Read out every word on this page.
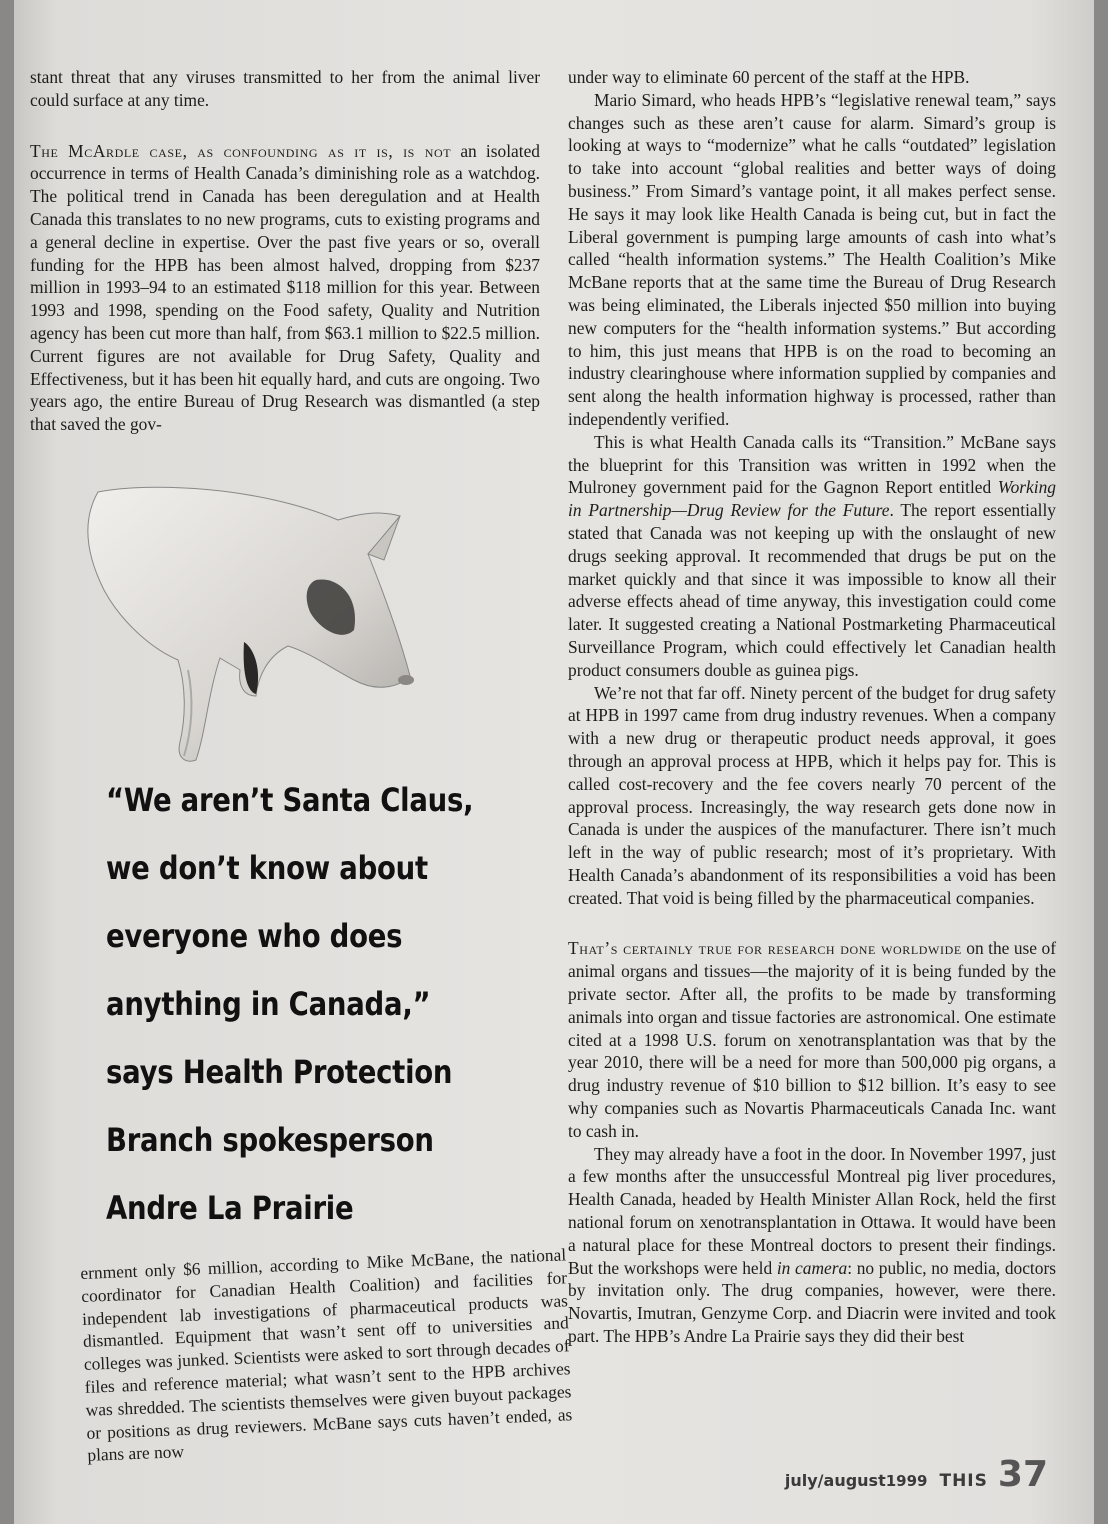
stant threat that any viruses transmitted to her from the animal liver could surface at any time.

The McArdle case, as confounding as it is, is not an isolated occurrence in terms of Health Canada’s diminishing role as a watchdog. The political trend in Canada has been deregulation and at Health Canada this translates to no new programs, cuts to existing programs and a general decline in expertise. Over the past five years or so, overall funding for the HPB has been almost halved, dropping from $237 million in 1993–94 to an estimated $118 million for this year. Between 1993 and 1998, spending on the Food safety, Quality and Nutrition agency has been cut more than half, from $63.1 million to $22.5 million. Current figures are not available for Drug Safety, Quality and Effectiveness, but it has been hit equally hard, and cuts are ongoing. Two years ago, the entire Bureau of Drug Research was dismantled (a step that saved the gov-

“We aren’t Santa Claus,
we don’t know about
everyone who does
anything in Canada,”
says Health Protection
Branch spokesperson
Andre La Prairie

ernment only $6 million, according to Mike McBane, the national coordinator for Canadian Health Coalition) and facilities for independent lab investigations of pharmaceutical products was dismantled. Equipment that wasn’t sent off to universities and colleges was junked. Scientists were asked to sort through decades of files and reference material; what wasn’t sent to the HPB archives was shredded. The scientists themselves were given buyout packages or positions as drug reviewers. McBane says cuts haven’t ended, as plans are now

under way to eliminate 60 percent of the staff at the HPB.

Mario Simard, who heads HPB’s “legislative renewal team,” says changes such as these aren’t cause for alarm. Simard’s group is looking at ways to “modernize” what he calls “outdated” legislation to take into account “global realities and better ways of doing business.” From Simard’s vantage point, it all makes perfect sense. He says it may look like Health Canada is being cut, but in fact the Liberal government is pumping large amounts of cash into what’s called “health information systems.” The Health Coalition’s Mike McBane reports that at the same time the Bureau of Drug Research was being eliminated, the Liberals injected $50 million into buying new computers for the “health information systems.” But according to him, this just means that HPB is on the road to becoming an industry clearinghouse where information supplied by companies and sent along the health information highway is processed, rather than independently verified.

This is what Health Canada calls its “Transition.” McBane says the blueprint for this Transition was written in 1992 when the Mulroney government paid for the Gagnon Report entitled Working in Partnership—Drug Review for the Future. The report essentially stated that Canada was not keeping up with the onslaught of new drugs seeking approval. It recommended that drugs be put on the market quickly and that since it was impossible to know all their adverse effects ahead of time anyway, this investigation could come later. It suggested creating a National Postmarketing Pharmaceutical Surveillance Program, which could effectively let Canadian health product consumers double as guinea pigs.

We’re not that far off. Ninety percent of the budget for drug safety at HPB in 1997 came from drug industry revenues. When a company with a new drug or therapeutic product needs approval, it goes through an approval process at HPB, which it helps pay for. This is called cost-recovery and the fee covers nearly 70 percent of the approval process. Increasingly, the way research gets done now in Canada is under the auspices of the manufacturer. There isn’t much left in the way of public research; most of it’s proprietary. With Health Canada’s abandonment of its responsibilities a void has been created. That void is being filled by the pharmaceutical companies.

That’s certainly true for research done worldwide on the use of animal organs and tissues—the majority of it is being funded by the private sector. After all, the profits to be made by transforming animals into organ and tissue factories are astronomical. One estimate cited at a 1998 U.S. forum on xenotransplantation was that by the year 2010, there will be a need for more than 500,000 pig organs, a drug industry revenue of $10 billion to $12 billion. It’s easy to see why companies such as Novartis Pharmaceuticals Canada Inc. want to cash in.

They may already have a foot in the door. In November 1997, just a few months after the unsuccessful Montreal pig liver procedures, Health Canada, headed by Health Minister Allan Rock, held the first national forum on xenotransplantation in Ottawa. It would have been a natural place for these Montreal doctors to present their findings. But the workshops were held in camera: no public, no media, doctors by invitation only. The drug companies, however, were there. Novartis, Imutran, Genzyme Corp. and Diacrin were invited and took part. The HPB’s Andre La Prairie says they did their best

july/august 1999 THIS 37
